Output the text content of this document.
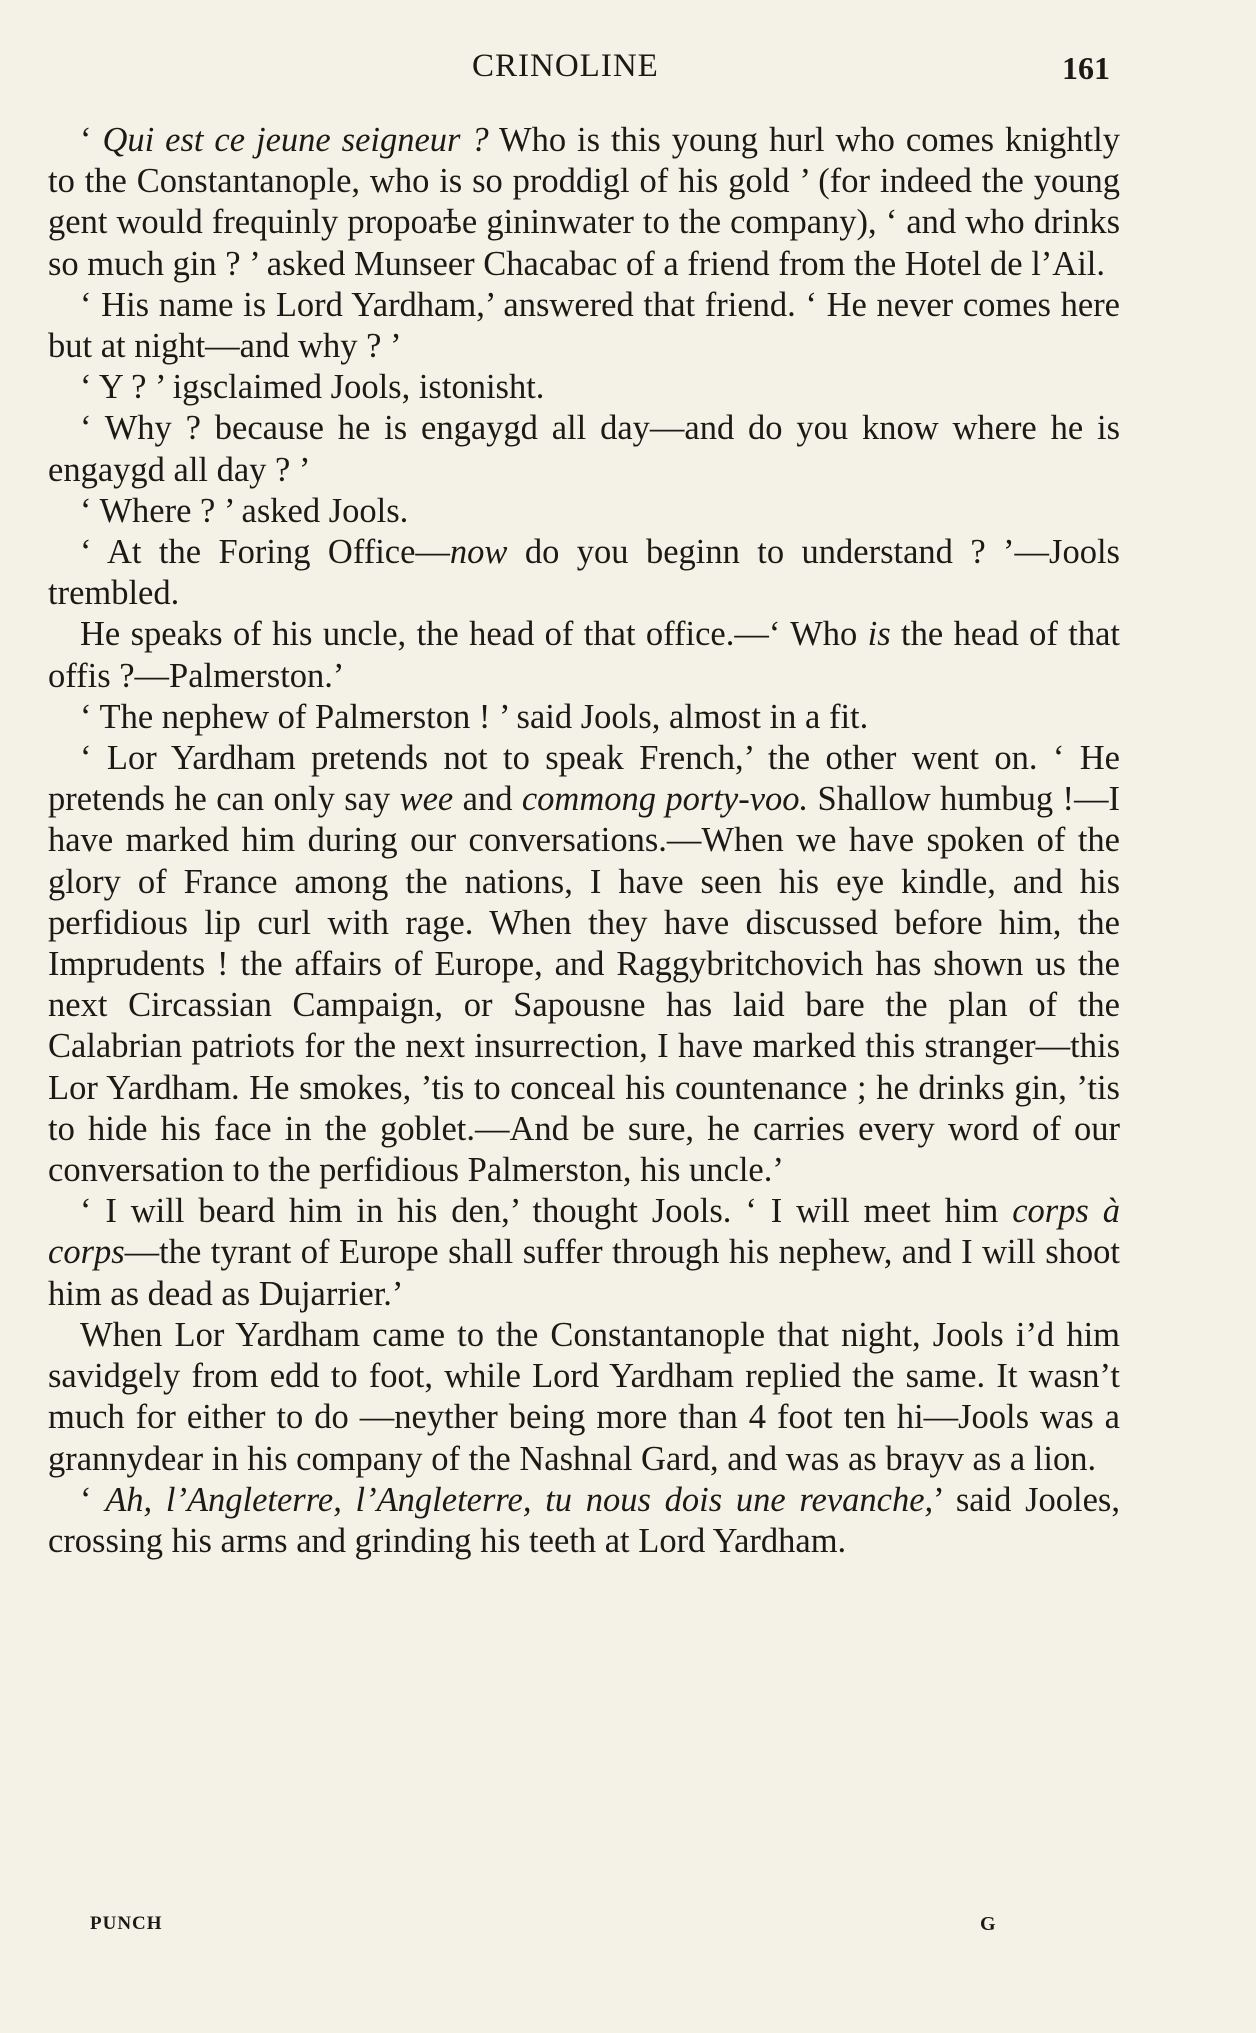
CRINOLINE	161

‘ Qui est ce jeune seigneur ? Who is this young hurl who comes knightly to the Constantanople, who is so proddigl of his gold ’ (for indeed the young gent would frequinly propoaѣe gininwater to the company), ‘ and who drinks so much gin ? ’ asked Munseer Chacabac of a friend from the Hotel de l’Ail.

‘ His name is Lord Yardham,’ answered that friend. ‘ He never comes here but at night—and why ? ’

‘ Y ? ’ igsclaimed Jools, istonisht.

‘ Why ? because he is engaygd all day—and do you know where he is engaygd all day ? ’

‘ Where ? ’ asked Jools.

‘ At the Foring Office—now do you beginn to understand ? ’—Jools trembled.

He speaks of his uncle, the head of that office.—‘ Who is the head of that offis ?—Palmerston.’

‘ The nephew of Palmerston ! ’ said Jools, almost in a fit.

‘ Lor Yardham pretends not to speak French,’ the other went on. ‘ He pretends he can only say wee and commong porty-voo. Shallow humbug !—I have marked him during our conversations.—When we have spoken of the glory of France among the nations, I have seen his eye kindle, and his perfidious lip curl with rage. When they have discussed before him, the Imprudents ! the affairs of Europe, and Raggybritchovich has shown us the next Circassian Campaign, or Sapousne has laid bare the plan of the Calabrian patriots for the next insurrection, I have marked this stranger—this Lor Yardham. He smokes, ’tis to conceal his countenance ; he drinks gin, ’tis to hide his face in the goblet.—And be sure, he carries every word of our conversation to the perfidious Palmerston, his uncle.’

‘ I will beard him in his den,’ thought Jools. ‘ I will meet him corps à corps—the tyrant of Europe shall suffer through his nephew, and I will shoot him as dead as Dujarrier.’

When Lor Yardham came to the Constantanople that night, Jools i’d him savidgely from edd to foot, while Lord Yardham replied the same. It wasn’t much for either to do —neyther being more than 4 foot ten hi—Jools was a grannydear in his company of the Nashnal Gard, and was as brayv as a lion.

‘ Ah, l’Angleterre, l’Angleterre, tu nous dois une revanche,’ said Jooles, crossing his arms and grinding his teeth at Lord Yardham.

PUNCH	G
